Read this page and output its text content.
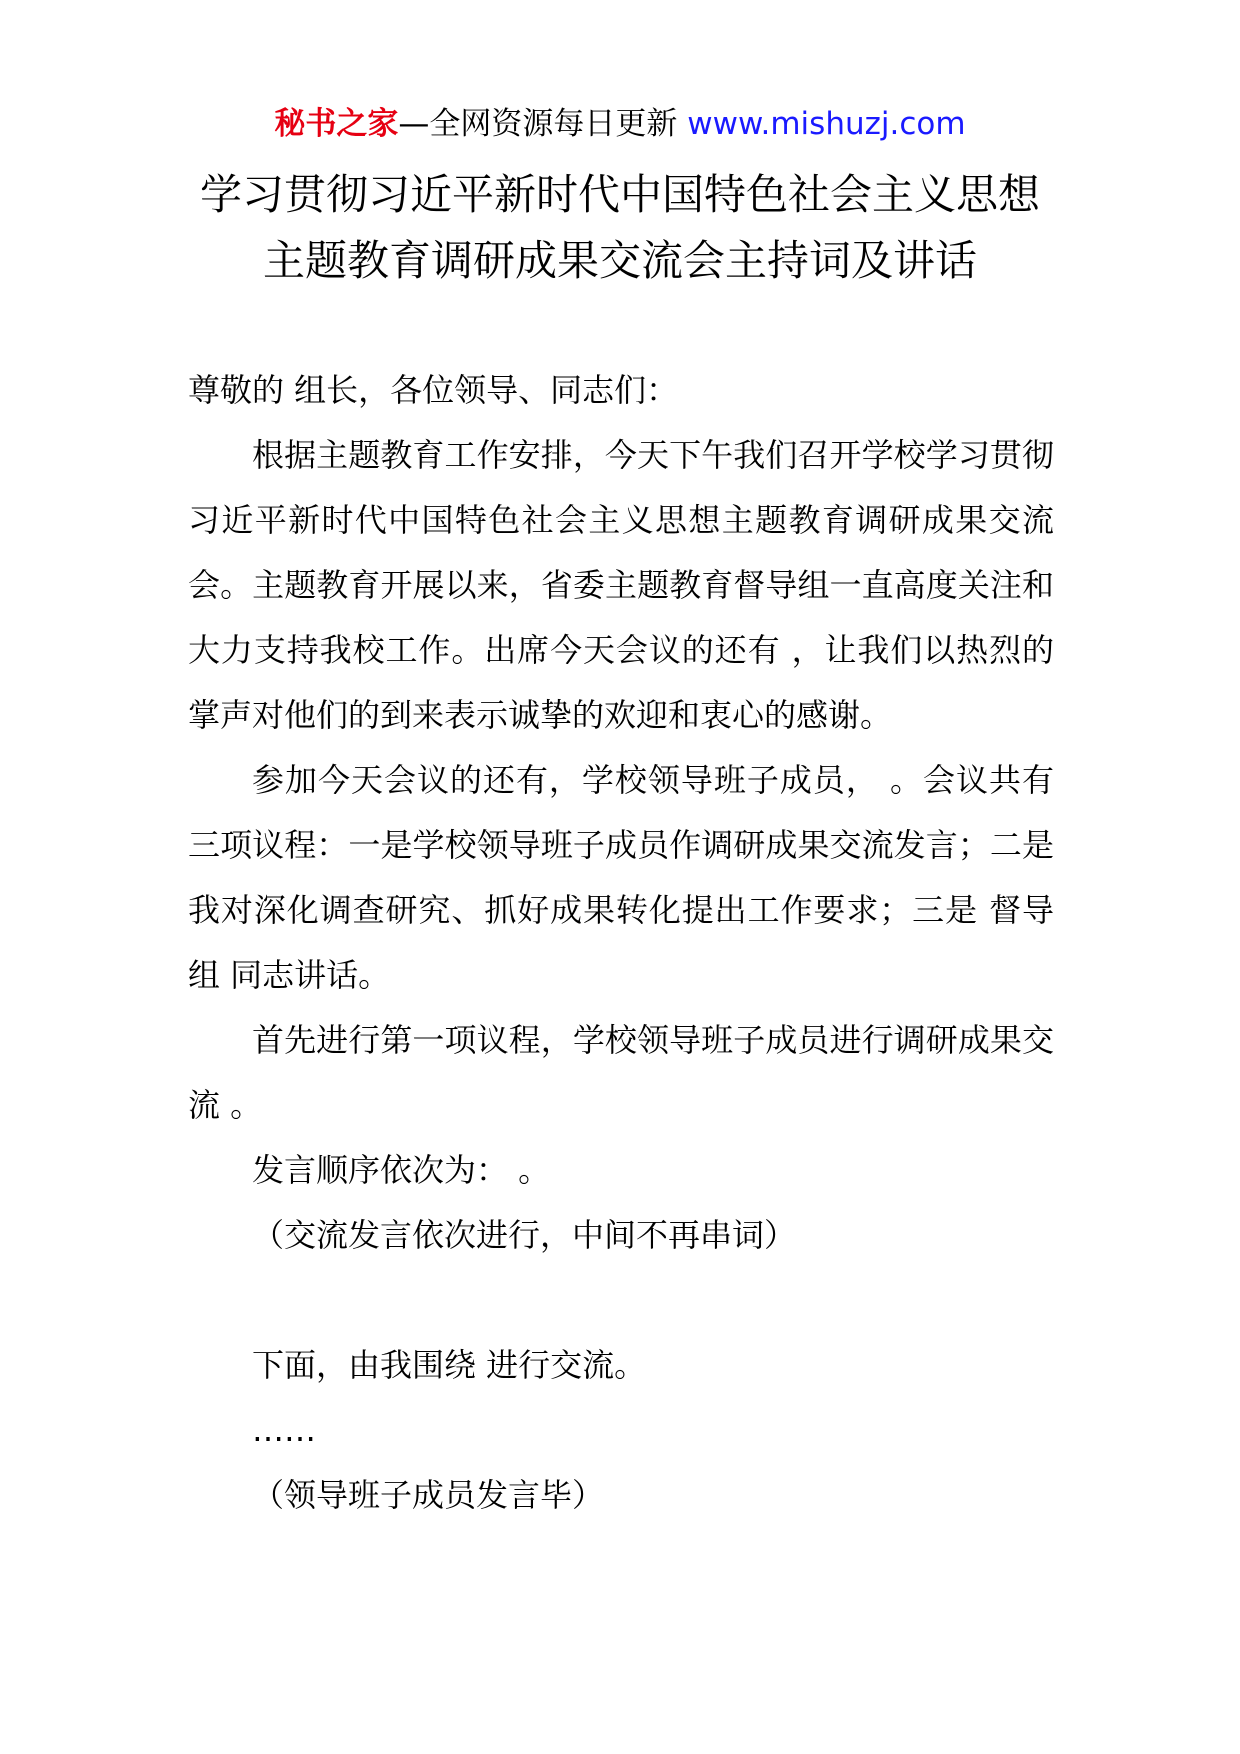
秘书之家—全网资源每日更新 www.mishuzj.com
学习贯彻习近平新时代中国特色社会主义思想
主题教育调研成果交流会主持词及讲话

尊敬的 组长，各位领导、同志们：

根据主题教育工作安排，今天下午我们召开学校学习贯彻习近平新时代中国特色社会主义思想主题教育调研成果交流会。主题教育开展以来，省委主题教育督导组一直高度关注和大力支持我校工作。出席今天会议的还有 ，让我们以热烈的掌声对他们的到来表示诚挚的欢迎和衷心的感谢。

参加今天会议的还有，学校领导班子成员， 。会议共有三项议程：一是学校领导班子成员作调研成果交流发言；二是我对深化调查研究、抓好成果转化提出工作要求；三是 督导组 同志讲话。

首先进行第一项议程，学校领导班子成员进行调研成果交流 。

发言顺序依次为： 。

（交流发言依次进行，中间不再串词）

下面，由我围绕 进行交流。

……

（领导班子成员发言毕）
